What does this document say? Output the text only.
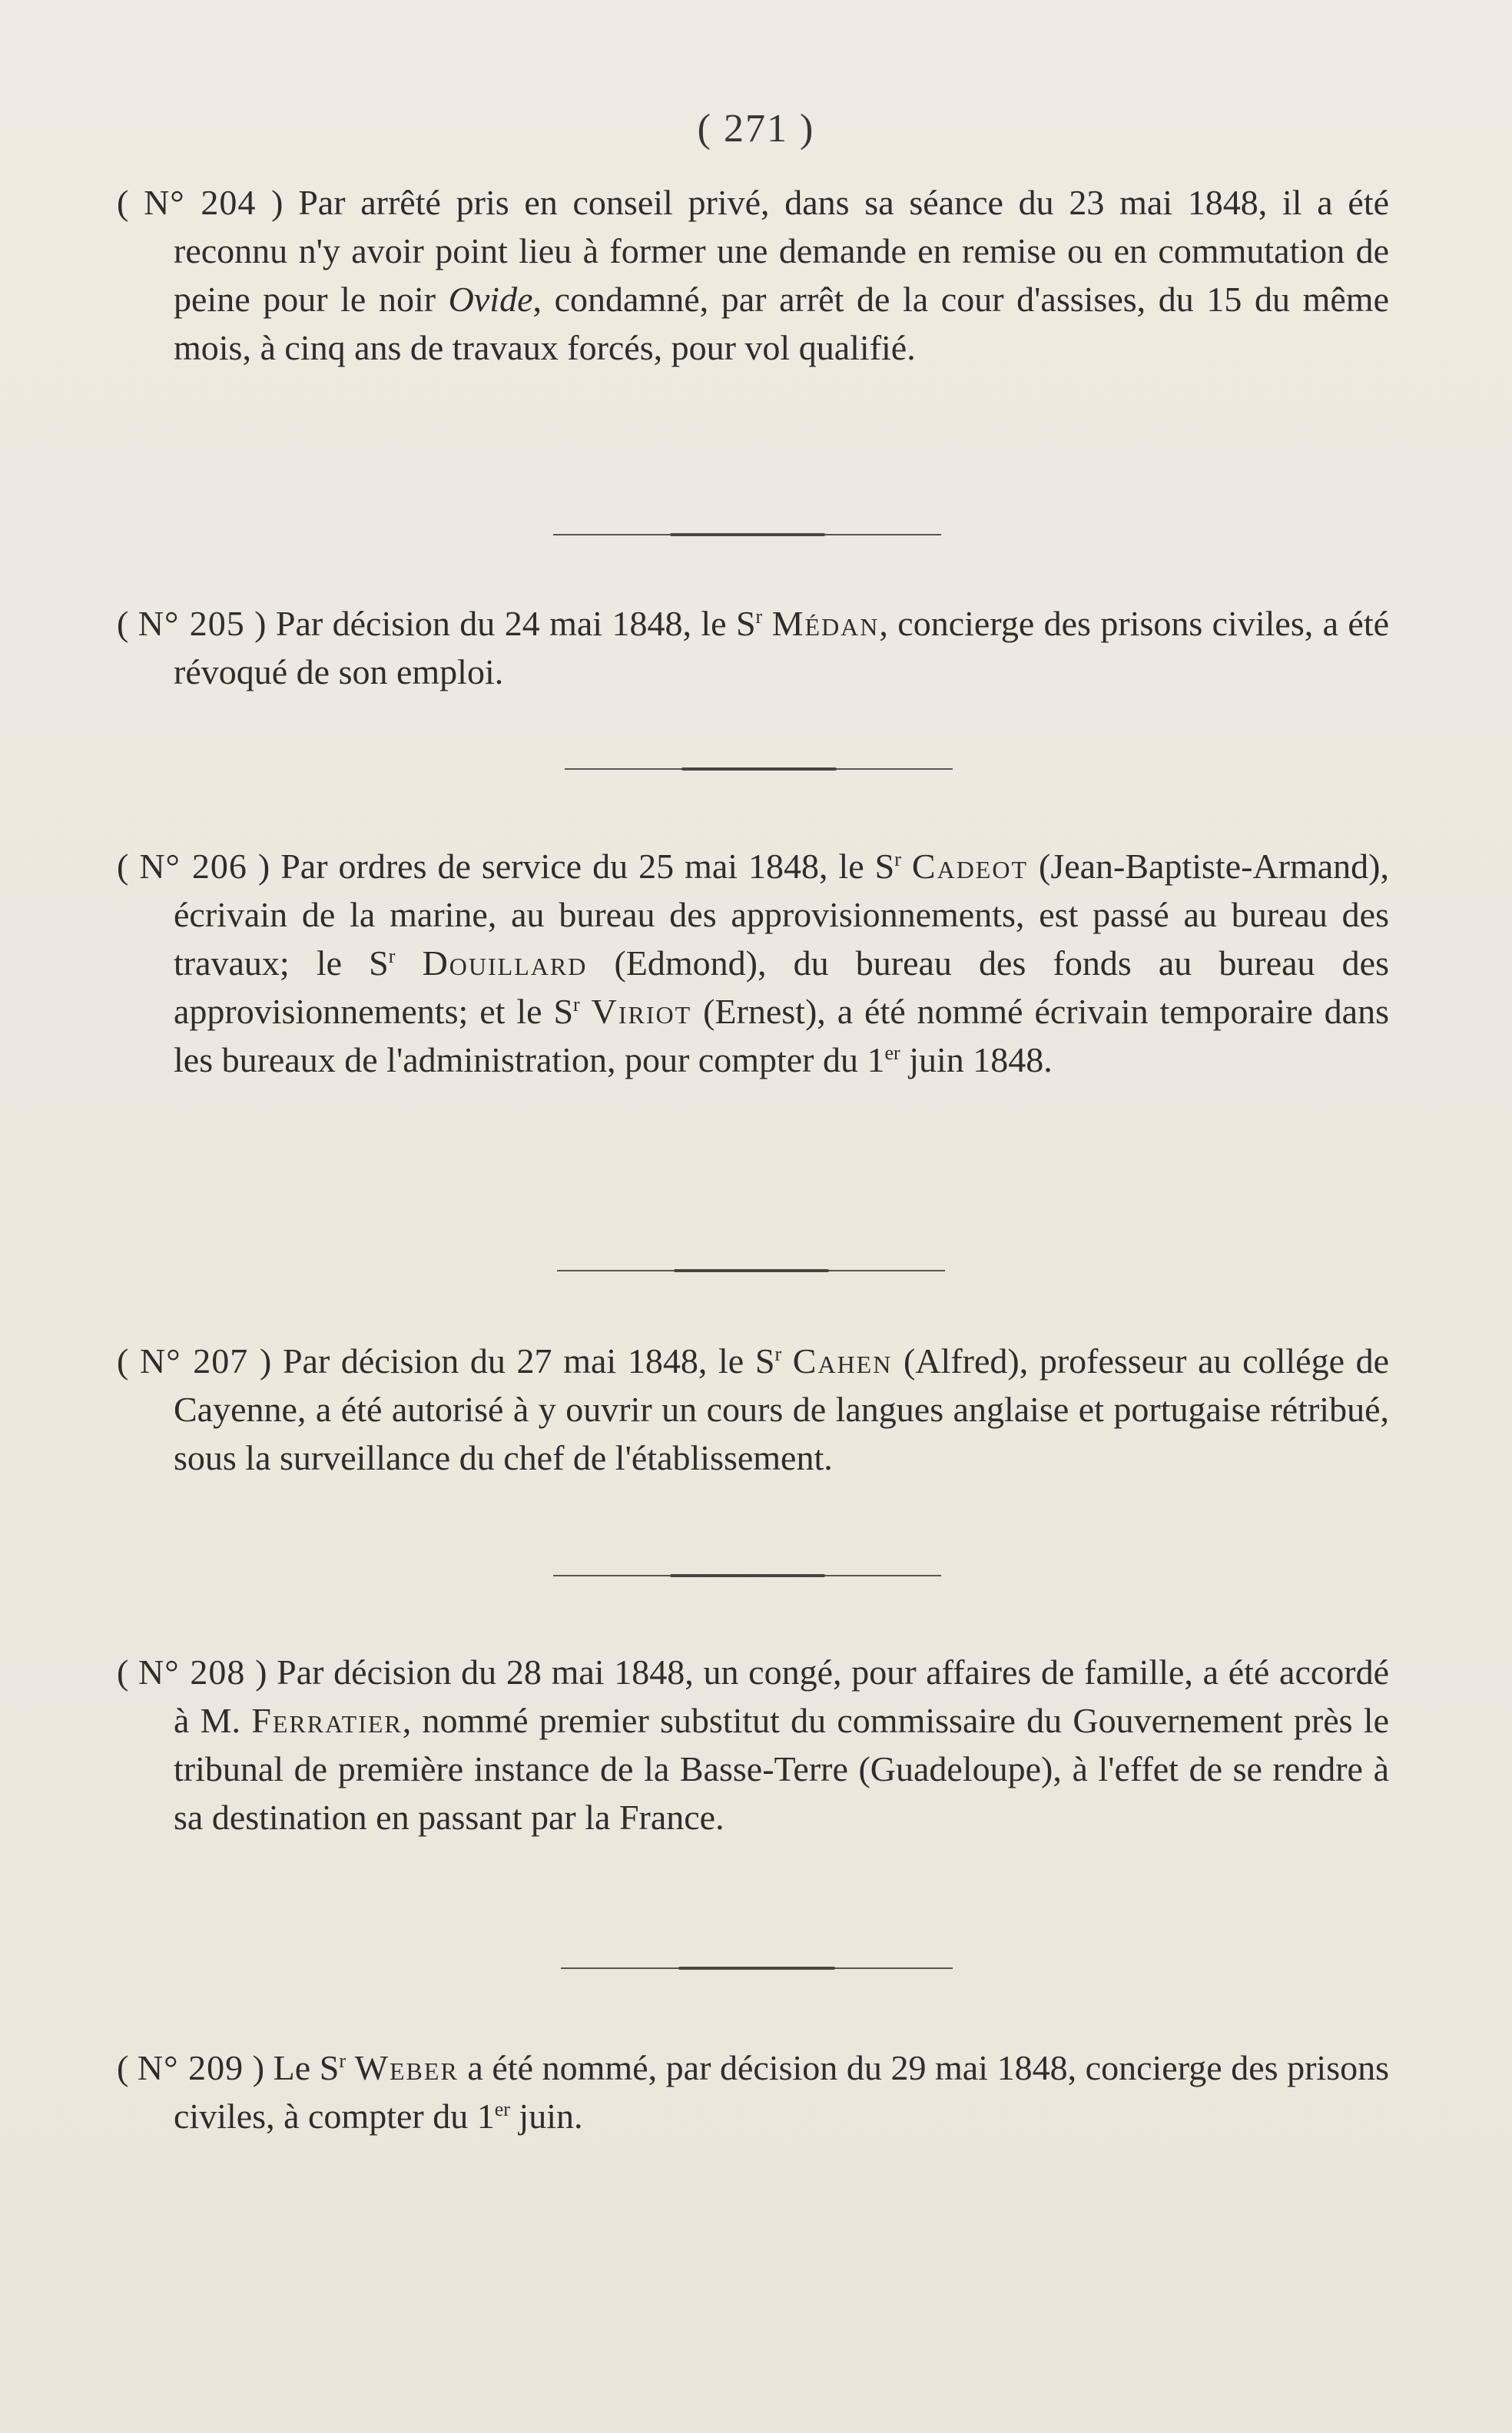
( 271 )
( N° 204 ) Par arrêté pris en conseil privé, dans sa séance du 23 mai 1848, il a été reconnu n'y avoir point lieu à former une demande en remise ou en commutation de peine pour le noir Ovide, condamné, par arrêt de la cour d'assises, du 15 du même mois, à cinq ans de travaux forcés, pour vol qualifié.
( N° 205 ) Par décision du 24 mai 1848, le $S^r$ Médan, concierge des prisons civiles, a été révoqué de son emploi.
( N° 206 ) Par ordres de service du 25 mai 1848, le $S^r$ Cadeot (Jean-Baptiste-Armand), écrivain de la marine, au bureau des approvisionnements, est passé au bureau des travaux; le $S^r$ Douillard (Edmond), du bureau des fonds au bureau des approvisionnements; et le $S^r$ Viriot (Ernest), a été nommé écrivain temporaire dans les bureaux de l'administration, pour compter du 1er juin 1848.
( N° 207 ) Par décision du 27 mai 1848, le $S^r$ Cahen (Alfred), professeur au collége de Cayenne, a été autorisé à y ouvrir un cours de langues anglaise et portugaise rétribué, sous la surveillance du chef de l'établissement.
( N° 208 ) Par décision du 28 mai 1848, un congé, pour affaires de famille, a été accordé à M. Ferratier, nommé premier substitut du commissaire du Gouvernement près le tribunal de première instance de la Basse-Terre (Guadeloupe), à l'effet de se rendre à sa destination en passant par la France.
( N° 209 ) Le $S^r$ Weber a été nommé, par décision du 29 mai 1848, concierge des prisons civiles, à compter du 1er juin.
